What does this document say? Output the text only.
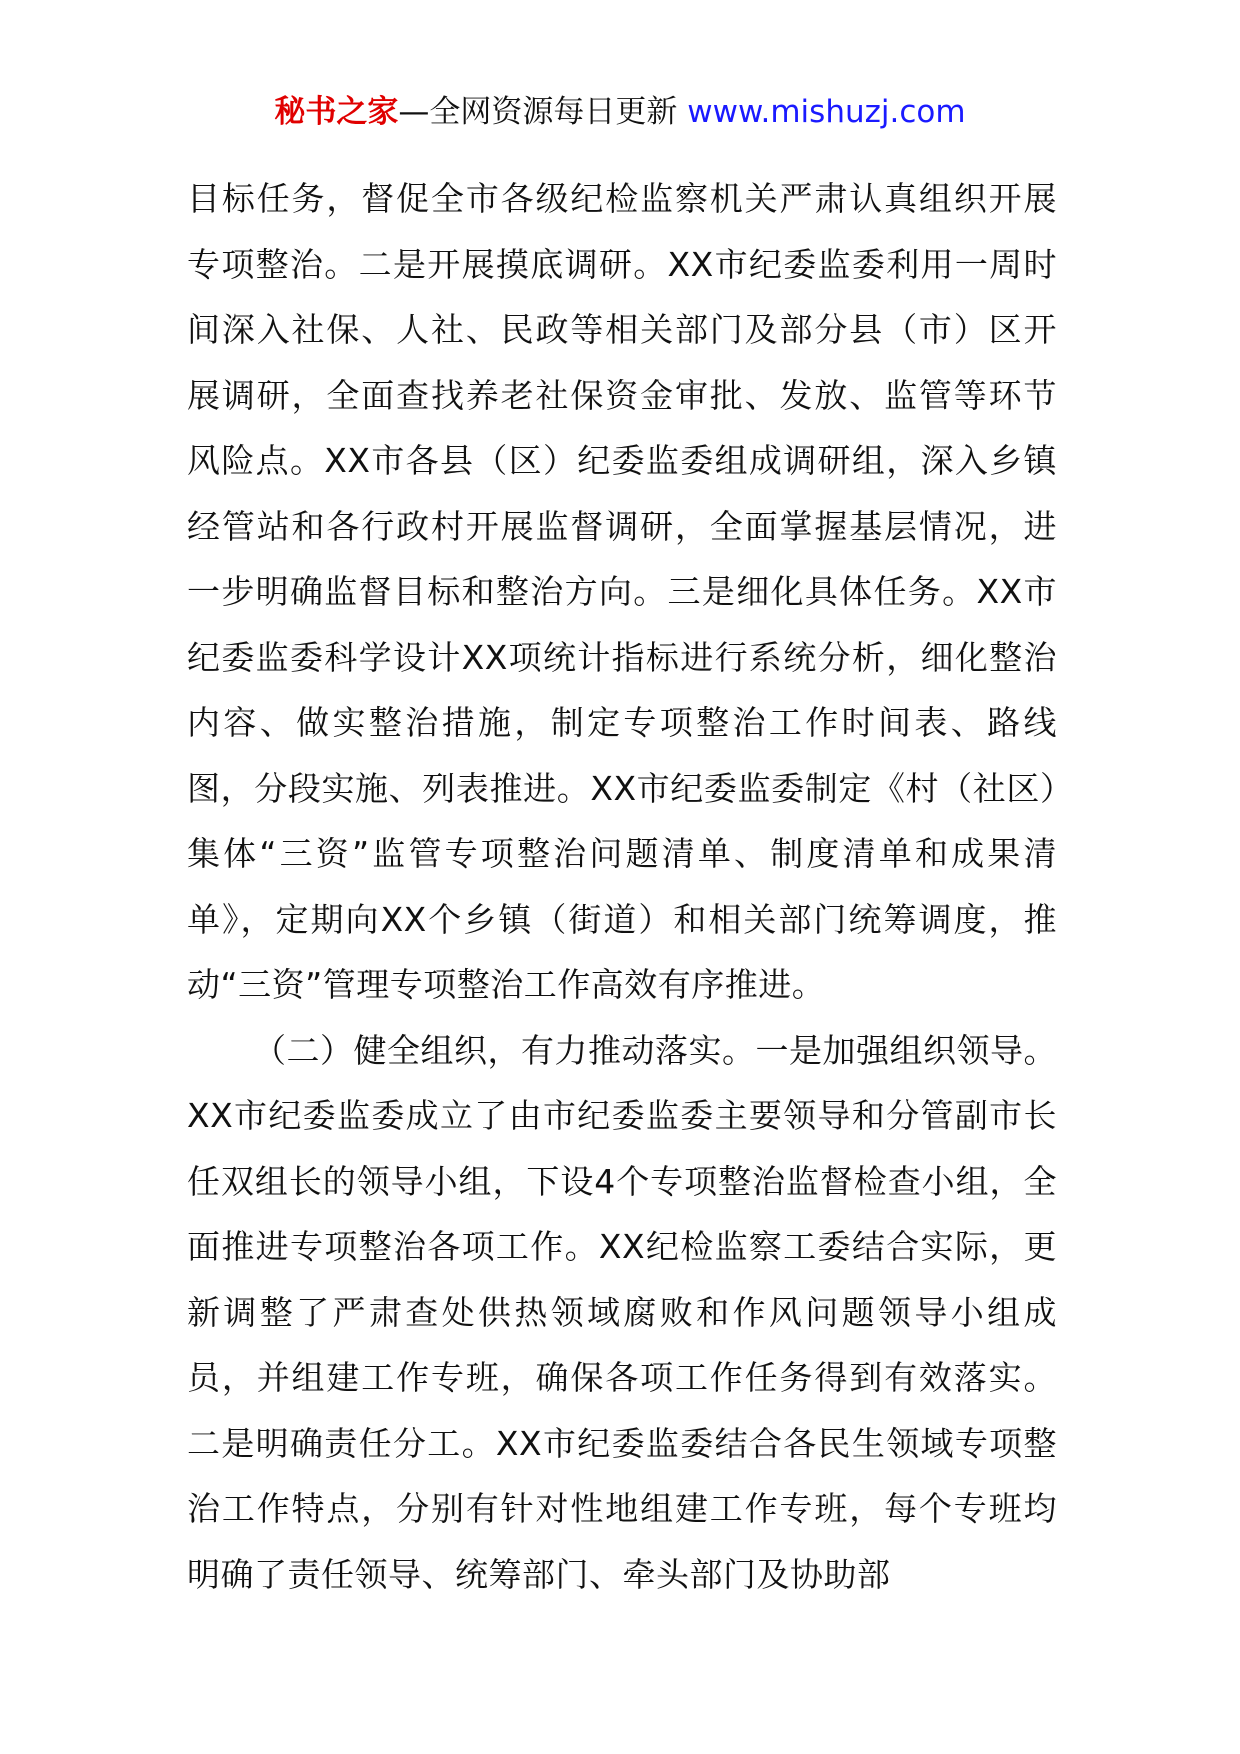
秘书之家—全网资源每日更新 www.mishuzj.com

目标任务，督促全市各级纪检监察机关严肃认真组织开展专项整治。二是开展摸底调研。XX市纪委监委利用一周时间深入社保、人社、民政等相关部门及部分县（市）区开展调研，全面查找养老社保资金审批、发放、监管等环节风险点。XX市各县（区）纪委监委组成调研组，深入乡镇经管站和各行政村开展监督调研，全面掌握基层情况，进一步明确监督目标和整治方向。三是细化具体任务。XX市纪委监委科学设计XX项统计指标进行系统分析，细化整治内容、做实整治措施，制定专项整治工作时间表、路线图，分段实施、列表推进。XX市纪委监委制定《村（社区）集体“三资”监管专项整治问题清单、制度清单和成果清单》，定期向XX个乡镇（街道）和相关部门统筹调度，推动“三资”管理专项整治工作高效有序推进。

（二）健全组织，有力推动落实。一是加强组织领导。XX市纪委监委成立了由市纪委监委主要领导和分管副市长任双组长的领导小组，下设4个专项整治监督检查小组，全面推进专项整治各项工作。XX纪检监察工委结合实际，更新调整了严肃查处供热领域腐败和作风问题领导小组成员，并组建工作专班，确保各项工作任务得到有效落实。二是明确责任分工。XX市纪委监委结合各民生领域专项整治工作特点，分别有针对性地组建工作专班，每个专班均明确了责任领导、统筹部门、牵头部门及协助部
